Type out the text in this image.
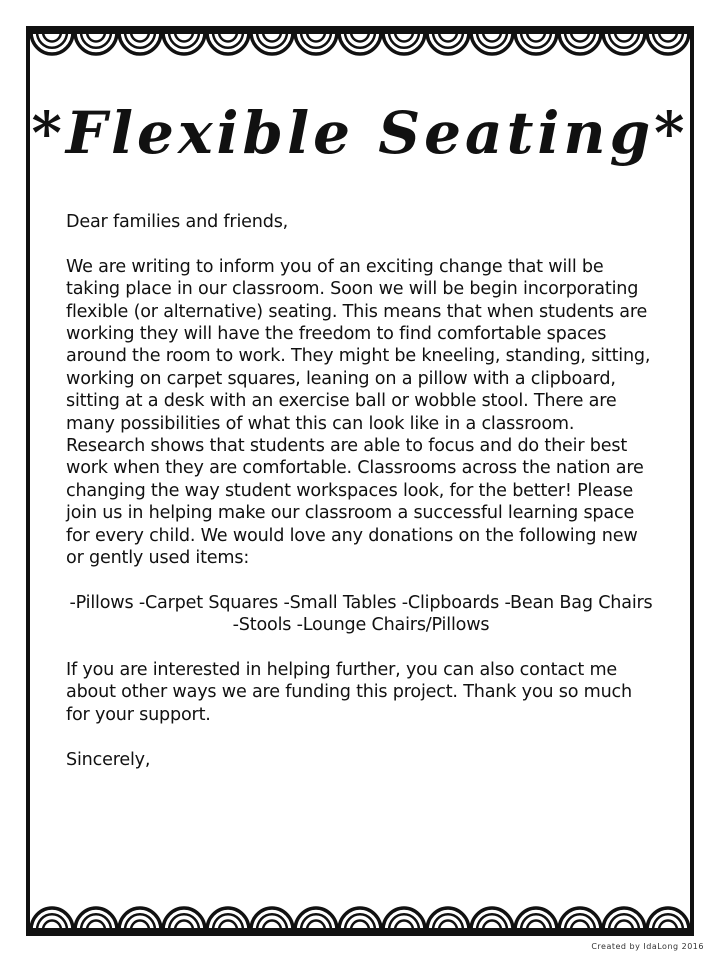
*Flexible Seating*

Dear families and friends,

We are writing to inform you of an exciting change that will be taking place in our classroom. Soon we will be begin incorporating flexible (or alternative) seating. This means that when students are working they will have the freedom to find comfortable spaces around the room to work. They might be kneeling, standing, sitting, working on carpet squares, leaning on a pillow with a clipboard, sitting at a desk with an exercise ball or wobble stool. There are many possibilities of what this can look like in a classroom. Research shows that students are able to focus and do their best work when they are comfortable. Classrooms across the nation are changing the way student workspaces look, for the better! Please join us in helping make our classroom a successful learning space for every child. We would love any donations on the following new or gently used items:

-Pillows -Carpet Squares -Small Tables -Clipboards -Bean Bag Chairs -Stools -Lounge Chairs/Pillows

If you are interested in helping further, you can also contact me about other ways we are funding this project. Thank you so much for your support.

Sincerely,

Created by IdaLong 2016
